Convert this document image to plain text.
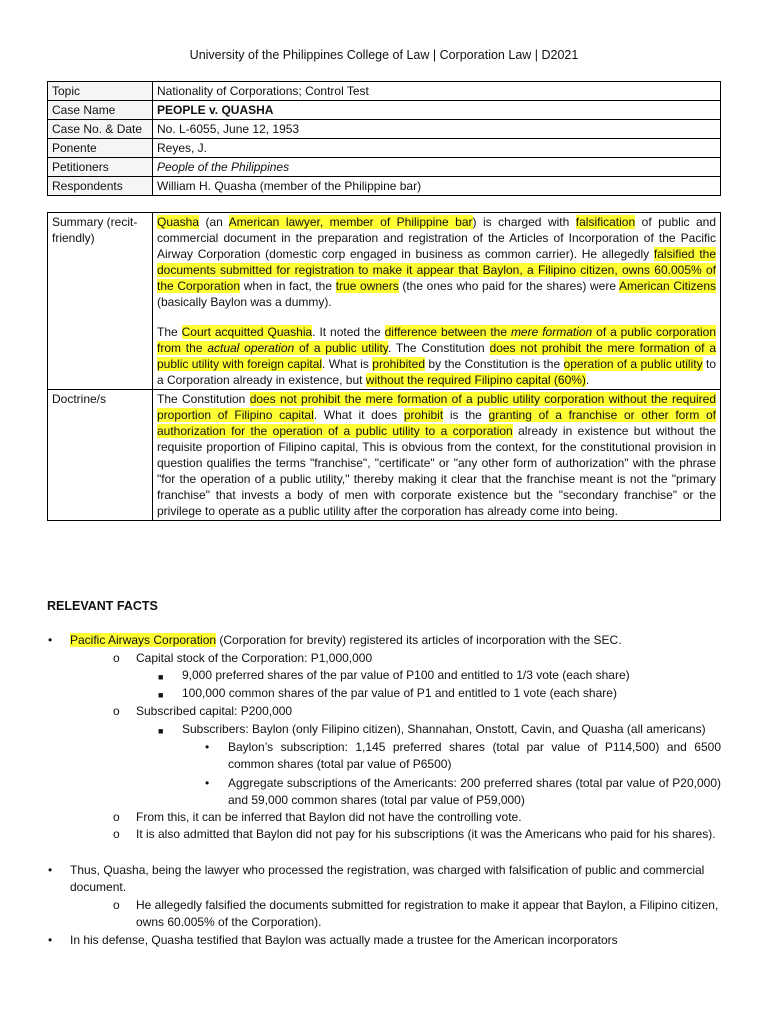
University of the Philippines College of Law | Corporation Law | D2021
Topic	Nationality of Corporations; Control Test
Case Name	PEOPLE v. QUASHA
Case No. & Date	No. L-6055, June 12, 1953
Ponente	Reyes, J.
Petitioners	People of the Philippines
Respondents	William H. Quasha (member of the Philippine bar)
Summary (recit-friendly)	Quasha (an American lawyer, member of Philippine bar) is charged with falsification of public and commercial document in the preparation and registration of the Articles of Incorporation of the Pacific Airway Corporation (domestic corp engaged in business as common carrier). He allegedly falsified the documents submitted for registration to make it appear that Baylon, a Filipino citizen, owns 60.005% of the Corporation when in fact, the true owners (the ones who paid for the shares) were American Citizens (basically Baylon was a dummy).

The Court acquitted Quashia. It noted the difference between the mere formation of a public corporation from the actual operation of a public utility. The Constitution does not prohibit the mere formation of a public utility with foreign capital. What is prohibited by the Constitution is the operation of a public utility to a Corporation already in existence, but without the required Filipino capital (60%).

Doctrine/s	The Constitution does not prohibit the mere formation of a public utility corporation without the required proportion of Filipino capital. What it does prohibit is the granting of a franchise or other form of authorization for the operation of a public utility to a corporation already in existence but without the requisite proportion of Filipino capital, This is obvious from the context, for the constitutional provision in question qualifies the terms "franchise", "certificate" or "any other form of authorization" with the phrase "for the operation of a public utility," thereby making it clear that the franchise meant is not the "primary franchise" that invests a body of men with corporate existence but the "secondary franchise" or the privilege to operate as a public utility after the corporation has already come into being.
RELEVANT FACTS
• Pacific Airways Corporation (Corporation for brevity) registered its articles of incorporation with the SEC.
o Capital stock of the Corporation: P1,000,000
■ 9,000 preferred shares of the par value of P100 and entitled to 1/3 vote (each share)
■ 100,000 common shares of the par value of P1 and entitled to 1 vote (each share)
o Subscribed capital: P200,000
■ Subscribers: Baylon (only Filipino citizen), Shannahan, Onstott, Cavin, and Quasha (all americans)
• Baylon’s subscription: 1,145 preferred shares (total par value of P114,500) and 6500 common shares (total par value of P6500)
• Aggregate subscriptions of the Americants: 200 preferred shares (total par value of P20,000) and 59,000 common shares (total par value of P59,000)
o From this, it can be inferred that Baylon did not have the controlling vote.
o It is also admitted that Baylon did not pay for his subscriptions (it was the Americans who paid for his shares).
• Thus, Quasha, being the lawyer who processed the registration, was charged with falsification of public and commercial document.
o He allegedly falsified the documents submitted for registration to make it appear that Baylon, a Filipino citizen, owns 60.005% of the Corporation).
• In his defense, Quasha testified that Baylon was actually made a trustee for the American incorporators
